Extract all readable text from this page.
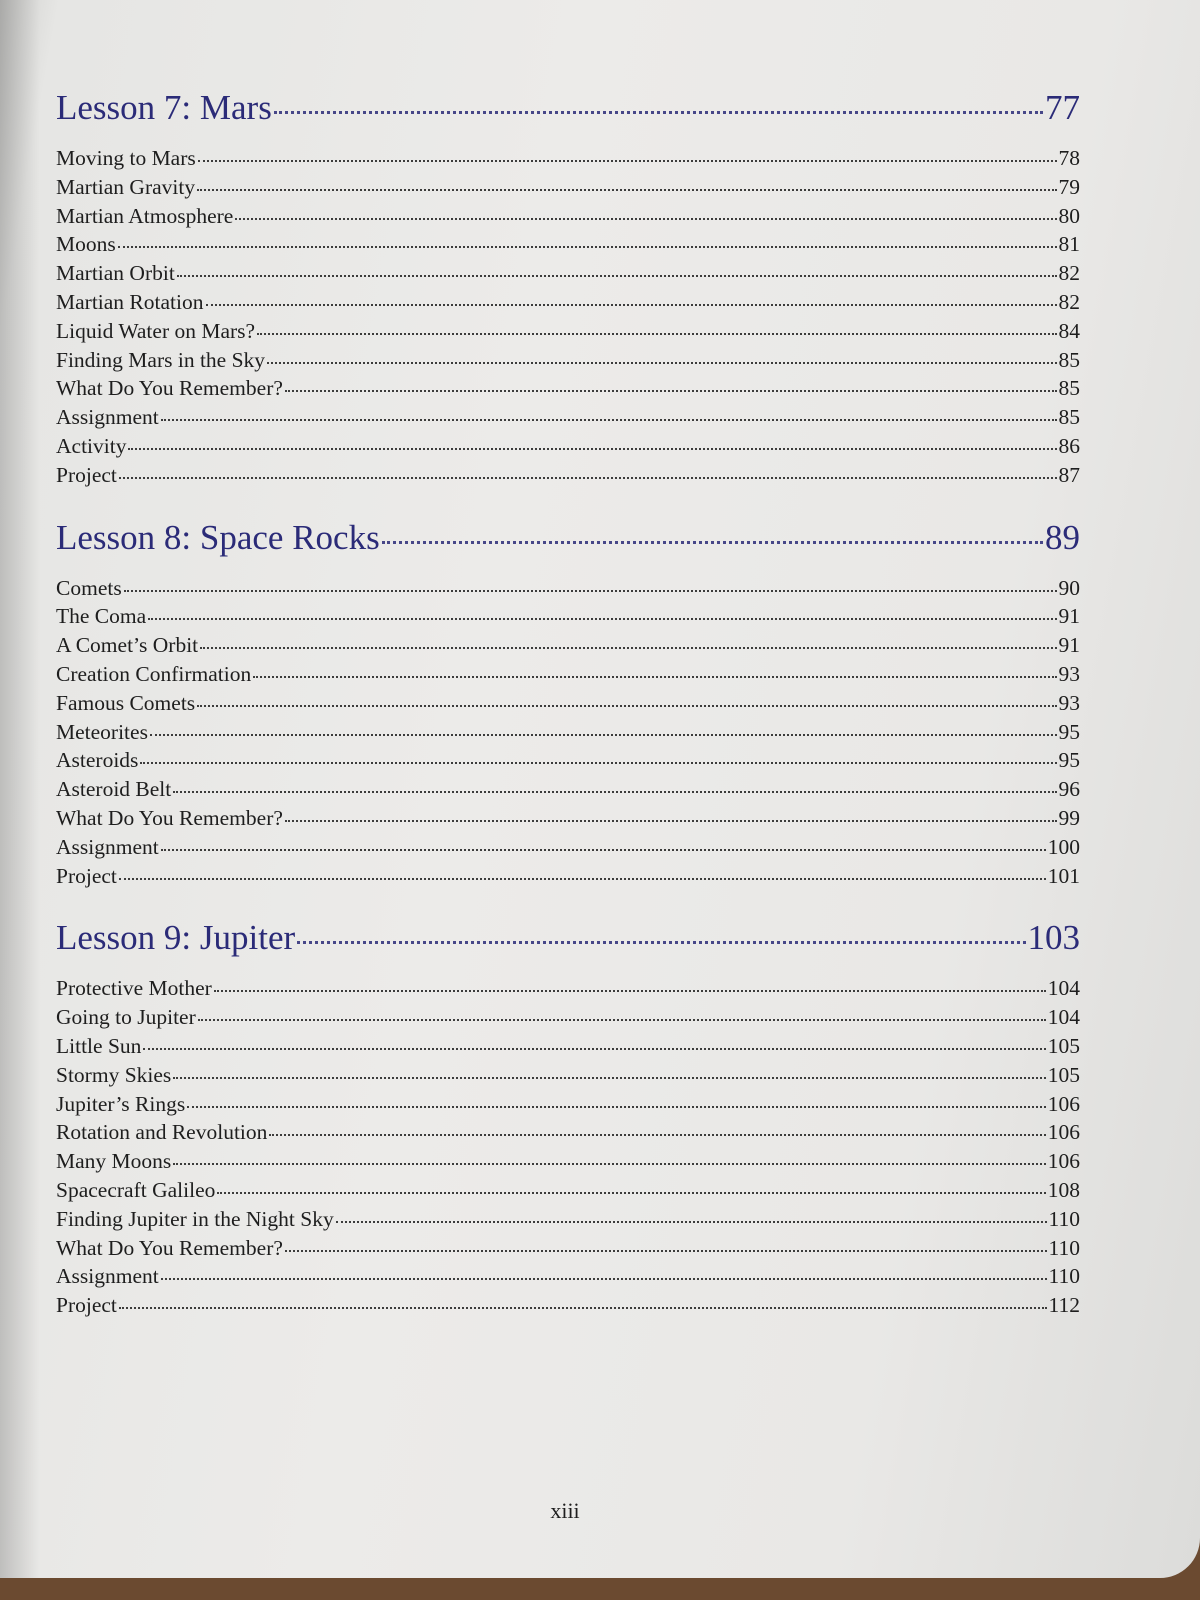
Lesson 7: Mars	77
Moving to Mars	78
Martian Gravity	79
Martian Atmosphere	80
Moons	81
Martian Orbit	82
Martian Rotation	82
Liquid Water on Mars?	84
Finding Mars in the Sky	85
What Do You Remember?	85
Assignment	85
Activity	86
Project	87
Lesson 8: Space Rocks	89
Comets	90
The Coma	91
A Comet’s Orbit	91
Creation Confirmation	93
Famous Comets	93
Meteorites	95
Asteroids	95
Asteroid Belt	96
What Do You Remember?	99
Assignment	100
Project	101
Lesson 9: Jupiter	103
Protective Mother	104
Going to Jupiter	104
Little Sun	105
Stormy Skies	105
Jupiter’s Rings	106
Rotation and Revolution	106
Many Moons	106
Spacecraft Galileo	108
Finding Jupiter in the Night Sky	110
What Do You Remember?	110
Assignment	110
Project	112
xiii
